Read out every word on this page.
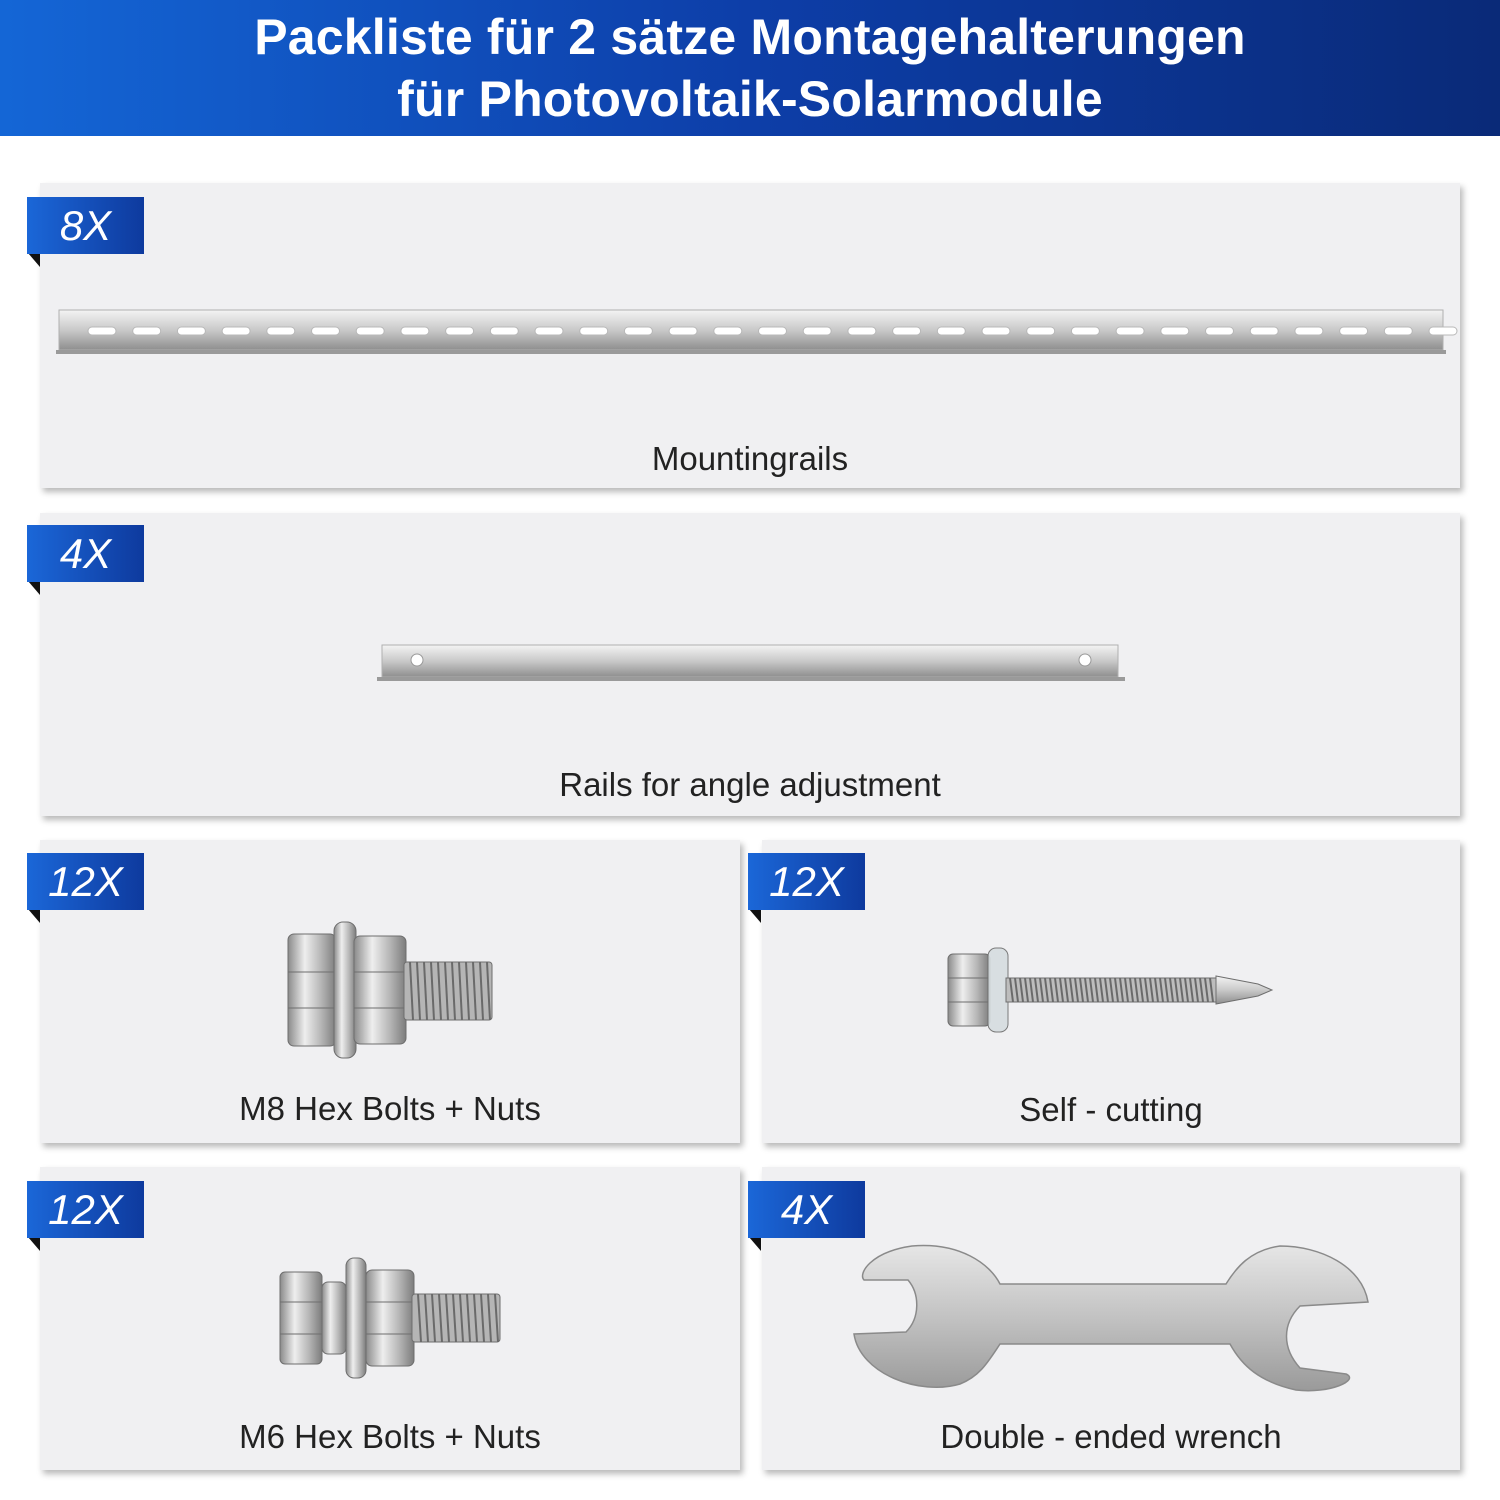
Packliste für 2 sätze Montagehalterungen
für Photovoltaik-Solarmodule
8X
Mountingrails
4X
Rails for angle adjustment
12X
M8 Hex Bolts + Nuts
12X
Self - cutting
12X
M6 Hex Bolts + Nuts
4X
Double - ended wrench
